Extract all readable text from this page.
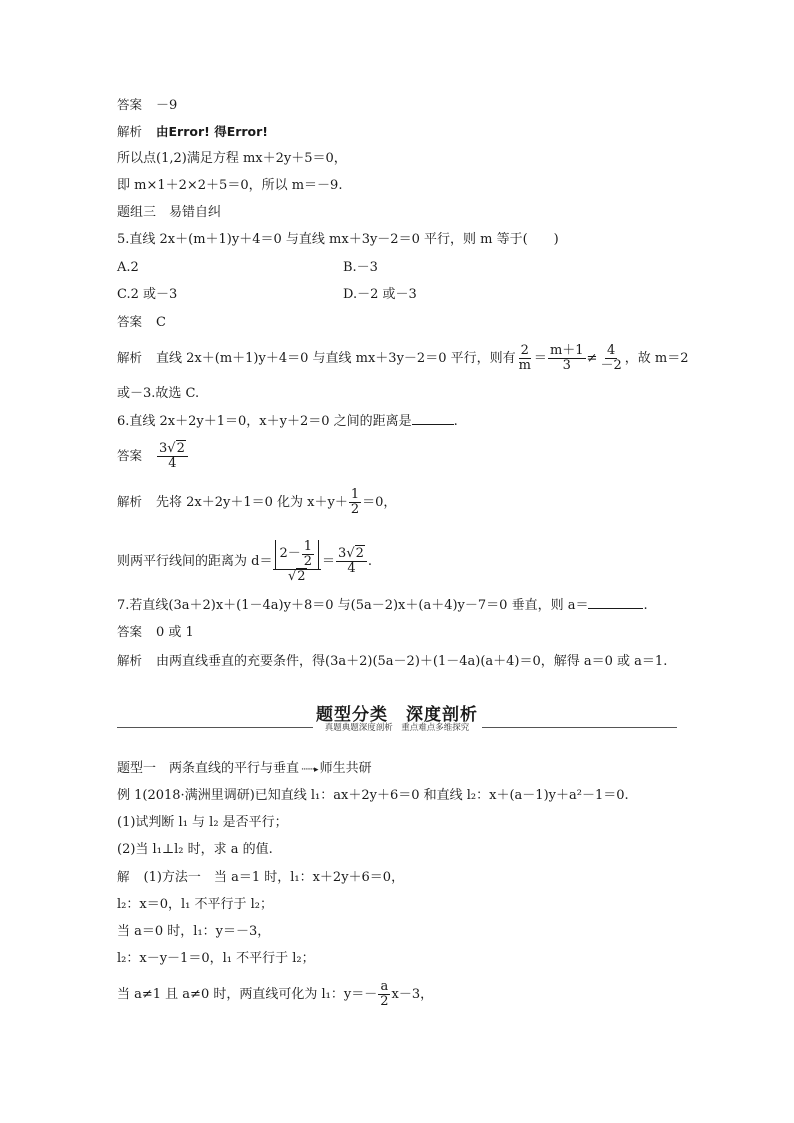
答案 －9
解析 由Error! 得Error!
所以点(1,2)满足方程 mx＋2y＋5＝0，
即 m×1＋2×2＋5＝0，所以 m＝－9.
题组三　易错自纠
5.直线 2x＋(m＋1)y＋4＝0 与直线 mx＋3y－2＝0 平行，则 m 等于(　　)
A.2	B.－3
C.2 或－3	D.－2 或－3
答案 C
解析 直线 2x＋(m＋1)y＋4＝0 与直线 mx＋3y－2＝0 平行，则有 $\frac{2}{m} = \frac{m+1}{3} \ne \frac{4}{-2}$ ，故 m＝2
或－3.故选 C.
6.直线 2x＋2y＋1＝0，x＋y＋2＝0 之间的距离是	.
答案 $\frac{3√2}{4}$
解析 先将 2x＋2y＋1＝0 化为 $x+y+ \frac{1}{2} =0$，
则两平行线间的距离为 $d= \frac{2- \frac{1}{2}}{√2} = \frac{3√2}{4}$ .
7.若直线(3a＋2)x＋(1－4a)y＋8＝0 与(5a－2)x＋(a＋4)y－7＝0 垂直，则 a＝	.
答案 0 或 1
解析 由两直线垂直的充要条件，得(3a＋2)(5a－2)＋(1－4a)(a＋4)＝0，解得 a＝0 或 a＝1.
题型分类　深度剖析
真题典题深度剖析　重点难点多维探究
题型一　两条直线的平行与垂直 ·······▸ 师生共研
例 1(2018·满洲里调研)已知直线 l₁：ax＋2y＋6＝0 和直线 l₂：x＋(a－1)y＋a²－1＝0.
(1)试判断 l₁ 与 l₂ 是否平行；
(2)当 l₁⊥l₂ 时，求 a 的值.
解 (1)方法一　当 a＝1 时，l₁：x＋2y＋6＝0，
l₂：x＝0，l₁ 不平行于 l₂；
当 a＝0 时，l₁：y＝－3，
l₂：x－y－1＝0，l₁ 不平行于 l₂；
当 a≠1 且 a≠0 时，两直线可化为 l₁：$y=- \frac{a}{2} x-3$，
